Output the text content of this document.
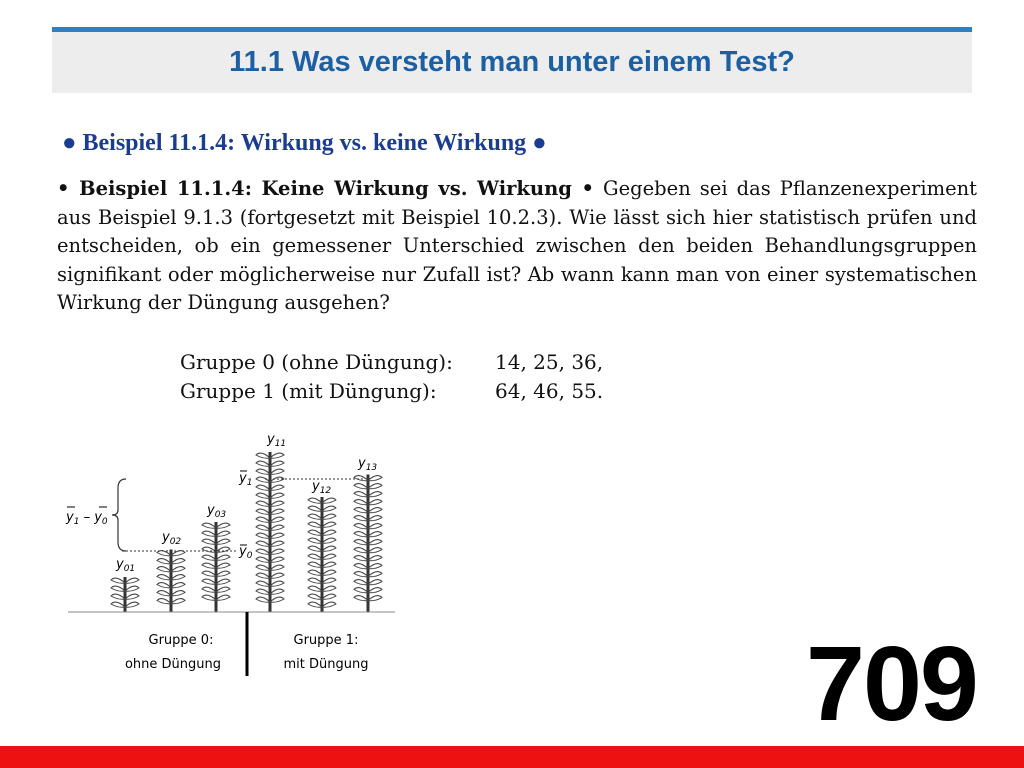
11.1 Was versteht man unter einem Test?
● Beispiel 11.1.4: Wirkung vs. keine Wirkung ●
• Beispiel 11.1.4: Keine Wirkung vs. Wirkung • Gegeben sei das Pflanzenexperiment aus Beispiel 9.1.3 (fortgesetzt mit Beispiel 10.2.3). Wie lässt sich hier statistisch prüfen und entscheiden, ob ein gemessener Unterschied zwischen den beiden Behandlungsgruppen signifikant oder möglicherweise nur Zufall ist? Ab wann kann man von einer systematischen Wirkung der Düngung ausgehen?
Gruppe 0 (ohne Düngung):	14, 25, 36,
Gruppe 1 (mit Düngung):	64, 46, 55.
$y_1 - y_0$
$y_{01}$
$y_{02}$
$y_{03}$
$y_0$
$y_{11}$
$y_1$	$y_{12}$
$y_{13}$
Gruppe 0:
ohne Düngung
Gruppe 1:
mit Düngung	709
